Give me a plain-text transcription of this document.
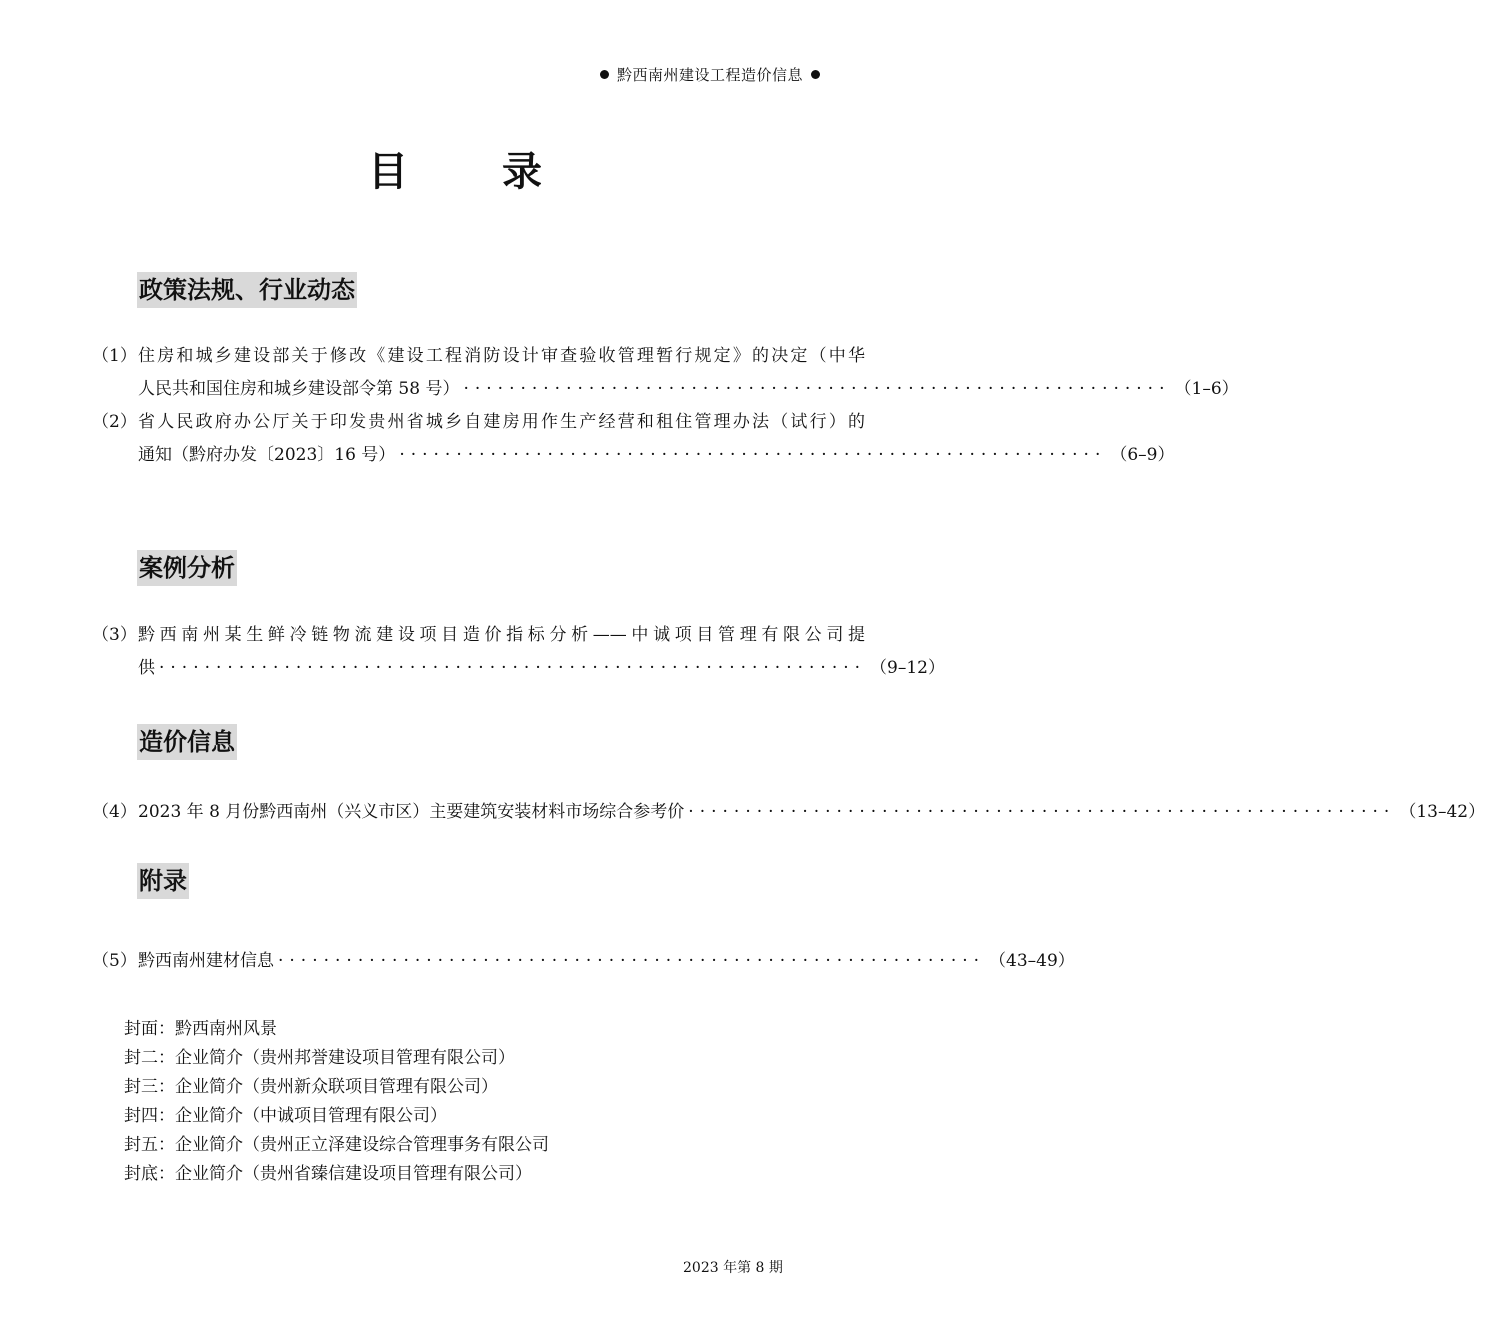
黔西南州建设工程造价信息
目 录
政策法规、行业动态
（1） 住房和城乡建设部关于修改《建设工程消防设计审查验收管理暂行规定》的决定（中华
人民共和国住房和城乡建设部令第 58 号） ······························································ （1–6）
（2） 省人民政府办公厅关于印发贵州省城乡自建房用作生产经营和租住管理办法（试行）的
通知（黔府办发〔2023〕16 号） ······························································ （6–9）
案例分析
（3） 黔西南州某生鲜冷链物流建设项目造价指标分析——中诚项目管理有限公司提
供 ······························································ （9–12）
造价信息
（4） 2023 年 8 月份黔西南州（兴义市区）主要建筑安装材料市场综合参考价 ······························································ （13–42）
附录
（5） 黔西南州建材信息 ······························································ （43–49）
封面：黔西南州风景
封二：企业简介（贵州邦誉建设项目管理有限公司）
封三：企业简介（贵州新众联项目管理有限公司）
封四：企业简介（中诚项目管理有限公司）
封五：企业简介（贵州正立泽建设综合管理事务有限公司
封底：企业简介（贵州省臻信建设项目管理有限公司）
2023 年第 8 期
